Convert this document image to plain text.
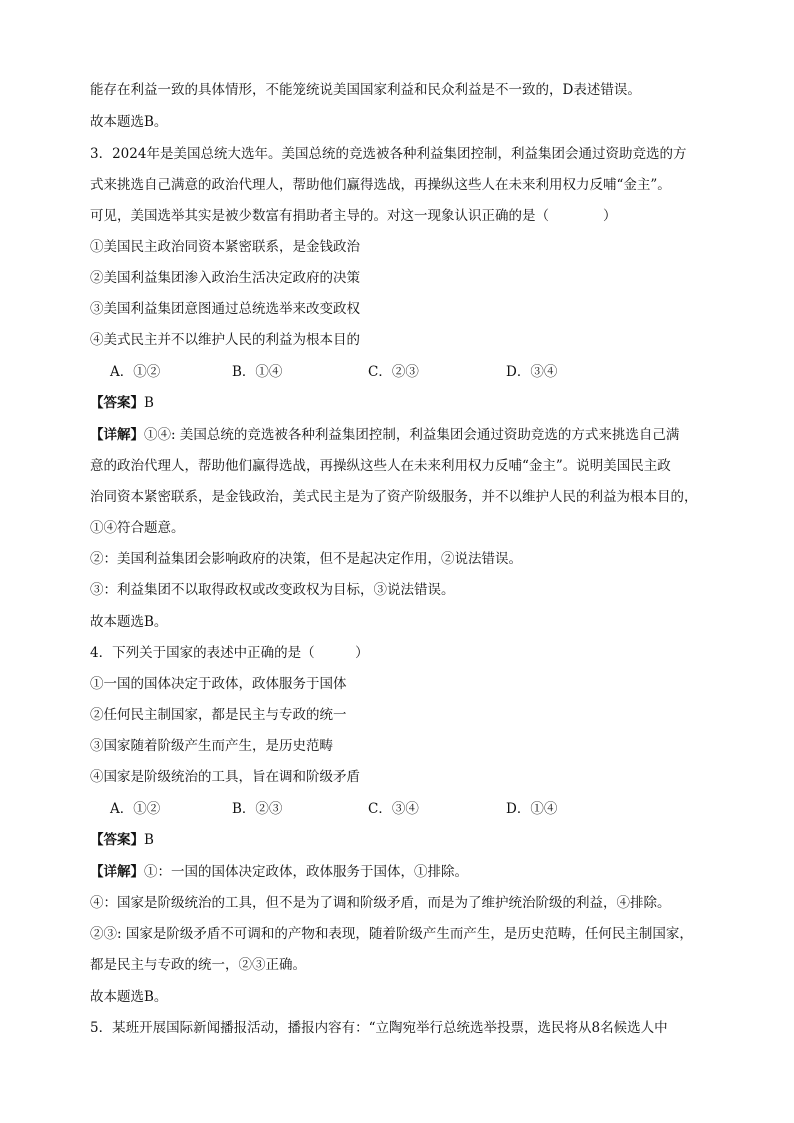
能存在利益一致的具体情形，不能笼统说美国国家利益和民众利益是不一致的，D表述错误。
故本题选B。
3．2024年是美国总统大选年。美国总统的竞选被各种利益集团控制，利益集团会通过资助竞选的方
式来挑选自己满意的政治代理人，帮助他们赢得选战，再操纵这些人在未来利用权力反哺“金主”。
可见，美国选举其实是被少数富有捐助者主导的。对这一现象认识正确的是（　　　　）
①美国民主政治同资本紧密联系，是金钱政治
②美国利益集团渗入政治生活决定政府的决策
③美国利益集团意图通过总统选举来改变政权
④美式民主并不以维护人民的利益为根本目的
A．①②	B．①④	C．②③	D．③④
【答案】B
【详解】①④: 美国总统的竞选被各种利益集团控制，利益集团会通过资助竞选的方式来挑选自己满
意的政治代理人，帮助他们赢得选战，再操纵这些人在未来利用权力反哺“金主”。说明美国民主政
治同资本紧密联系，是金钱政治，美式民主是为了资产阶级服务，并不以维护人民的利益为根本目的，
①④符合题意。
②：美国利益集团会影响政府的决策，但不是起决定作用，②说法错误。
③：利益集团不以取得政权或改变政权为目标，③说法错误。
故本题选B。
4．下列关于国家的表述中正确的是（　　　）
①一国的国体决定于政体，政体服务于国体
②任何民主制国家，都是民主与专政的统一
③国家随着阶级产生而产生，是历史范畴
④国家是阶级统治的工具，旨在调和阶级矛盾
A．①②	B．②③	C．③④	D．①④
【答案】B
【详解】①：一国的国体决定政体，政体服务于国体，①排除。
④：国家是阶级统治的工具，但不是为了调和阶级矛盾，而是为了维护统治阶级的利益，④排除。
②③: 国家是阶级矛盾不可调和的产物和表现，随着阶级产生而产生，是历史范畴，任何民主制国家，
都是民主与专政的统一，②③正确。
故本题选B。
5．某班开展国际新闻播报活动，播报内容有：“立陶宛举行总统选举投票，选民将从8名候选人中
